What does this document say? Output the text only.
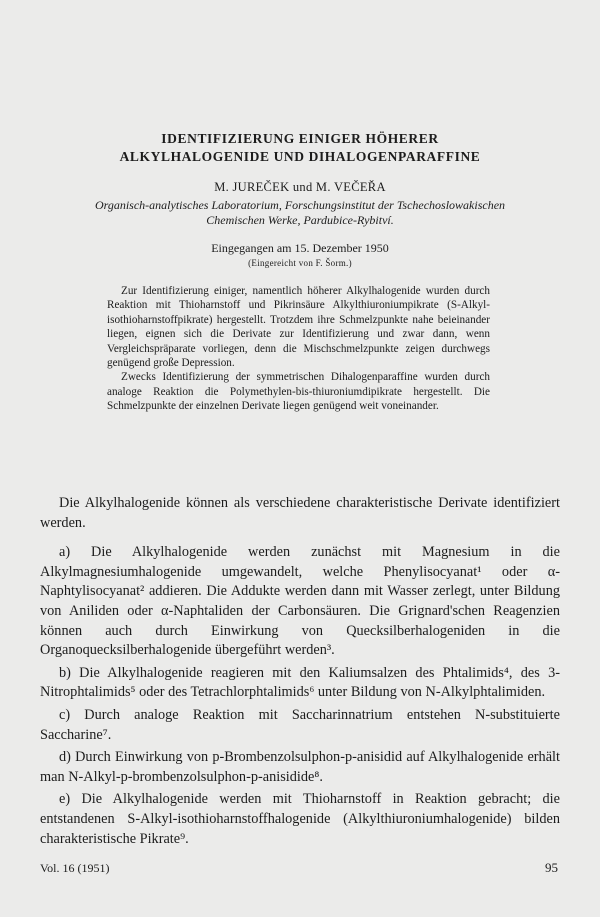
IDENTIFIZIERUNG EINIGER HÖHERER
ALKYLHALOGENIDE UND DIHALOGENPARAFFINE
M. JUREČEK und M. VEČEŘA
Organisch-analytisches Laboratorium, Forschungsinstitut der Tschechoslowakischen
Chemischen Werke, Pardubice-Rybitví.
Eingegangen am 15. Dezember 1950
(Eingereicht von F. Šorm.)

Zur Identifizierung einiger, namentlich höherer Alkylhalogenide wurden durch Reaktion mit Thioharnstoff und Pikrinsäure Alkylthiuroniumpikrate (S-Alkyl-isothioharnstoffpikrate) hergestellt. Trotzdem ihre Schmelzpunkte nahe beieinander liegen, eignen sich die Derivate zur Identifizierung und zwar dann, wenn Vergleichspräparate vorliegen, denn die Mischschmelzpunkte zeigen durchwegs genügend große Depression.

Zwecks Identifizierung der symmetrischen Dihalogenparaffine wurden durch analoge Reaktion die Polymethylen-bis-thiuroniumdipikrate hergestellt. Die Schmelzpunkte der einzelnen Derivate liegen genügend weit voneinander.

Die Alkylhalogenide können als verschiedene charakteristische Derivate identifiziert werden.

a) Die Alkylhalogenide werden zunächst mit Magnesium in die Alkylmagnesiumhalogenide umgewandelt, welche Phenylisocyanat¹ oder α-Naphtylisocyanat² addieren. Die Addukte werden dann mit Wasser zerlegt, unter Bildung von Aniliden oder α-Naphtaliden der Carbonsäuren. Die Grignard'schen Reagenzien können auch durch Einwirkung von Quecksilberhalogeniden in die Organoquecksilberhalogenide übergeführt werden³.

b) Die Alkylhalogenide reagieren mit den Kaliumsalzen des Phtalimids⁴, des 3-Nitrophtalimids⁵ oder des Tetrachlorphtalimids⁶ unter Bildung von N-Alkylphtalimiden.

c) Durch analoge Reaktion mit Saccharinnatrium entstehen N-substituierte Saccharine⁷.

d) Durch Einwirkung von p-Brombenzolsulphon-p-anisidid auf Alkylhalogenide erhält man N-Alkyl-p-brombenzolsulphon-p-anisidide⁸.

e) Die Alkylhalogenide werden mit Thioharnstoff in Reaktion gebracht; die entstandenen S-Alkyl-isothioharnstoffhalogenide (Alkylthiuroniumhalogenide) bilden charakteristische Pikrate⁹.

Vol. 16 (1951)	95
